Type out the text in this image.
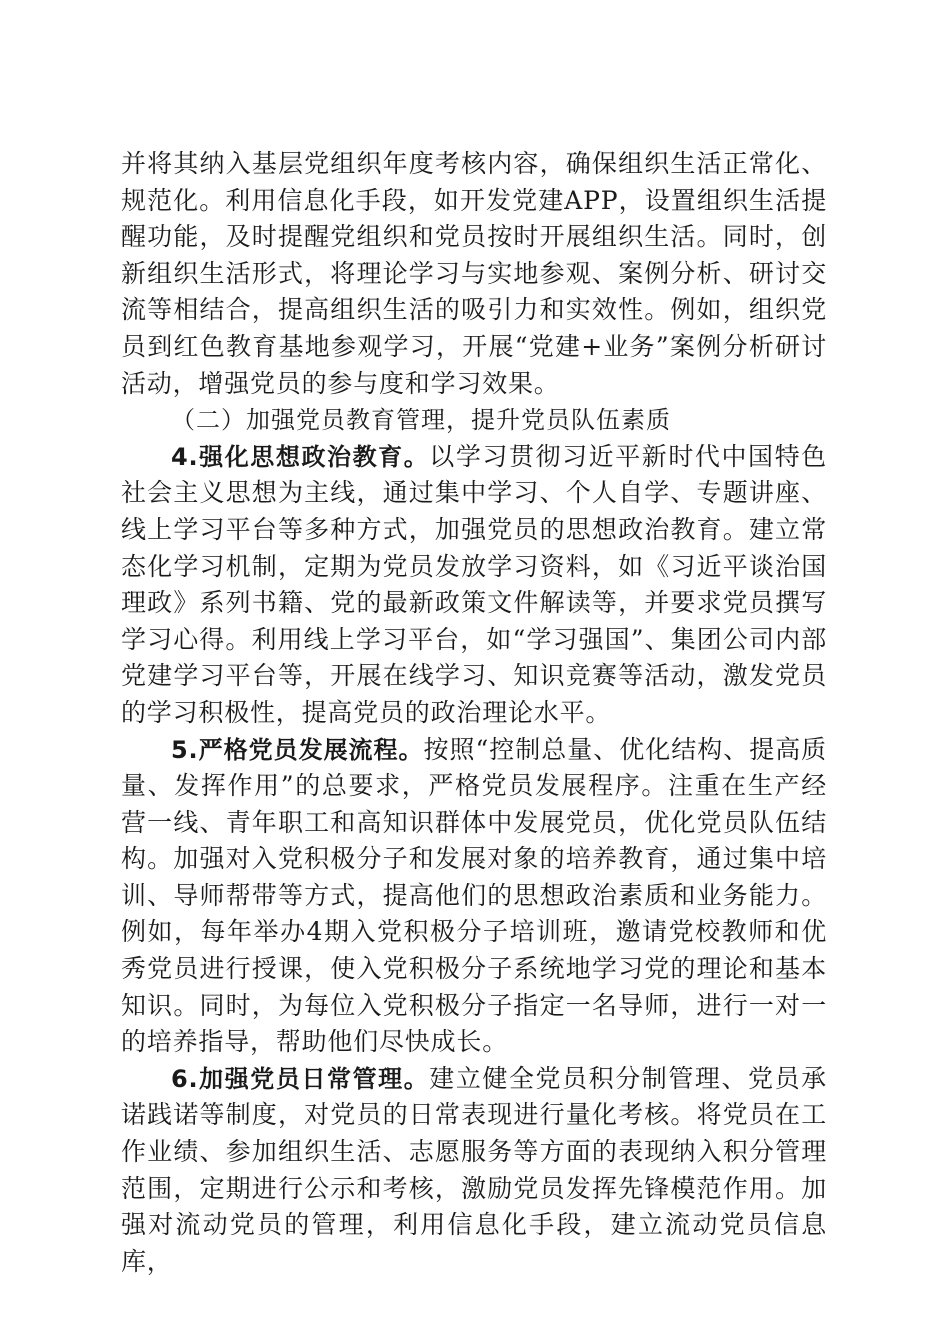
并将其纳入基层党组织年度考核内容，确保组织生活正常化、规范化。利用信息化手段，如开发党建APP，设置组织生活提醒功能，及时提醒党组织和党员按时开展组织生活。同时，创新组织生活形式，将理论学习与实地参观、案例分析、研讨交流等相结合，提高组织生活的吸引力和实效性。例如，组织党员到红色教育基地参观学习，开展“党建+业务”案例分析研讨活动，增强党员的参与度和学习效果。

（二）加强党员教育管理，提升党员队伍素质

4.强化思想政治教育。以学习贯彻习近平新时代中国特色社会主义思想为主线，通过集中学习、个人自学、专题讲座、线上学习平台等多种方式，加强党员的思想政治教育。建立常态化学习机制，定期为党员发放学习资料，如《习近平谈治国理政》系列书籍、党的最新政策文件解读等，并要求党员撰写学习心得。利用线上学习平台，如“学习强国”、集团公司内部党建学习平台等，开展在线学习、知识竞赛等活动，激发党员的学习积极性，提高党员的政治理论水平。

5.严格党员发展流程。按照“控制总量、优化结构、提高质量、发挥作用”的总要求，严格党员发展程序。注重在生产经营一线、青年职工和高知识群体中发展党员，优化党员队伍结构。加强对入党积极分子和发展对象的培养教育，通过集中培训、导师帮带等方式，提高他们的思想政治素质和业务能力。例如，每年举办4期入党积极分子培训班，邀请党校教师和优秀党员进行授课，使入党积极分子系统地学习党的理论和基本知识。同时，为每位入党积极分子指定一名导师，进行一对一的培养指导，帮助他们尽快成长。

6.加强党员日常管理。建立健全党员积分制管理、党员承诺践诺等制度，对党员的日常表现进行量化考核。将党员在工作业绩、参加组织生活、志愿服务等方面的表现纳入积分管理范围，定期进行公示和考核，激励党员发挥先锋模范作用。加强对流动党员的管理，利用信息化手段，建立流动党员信息库，
